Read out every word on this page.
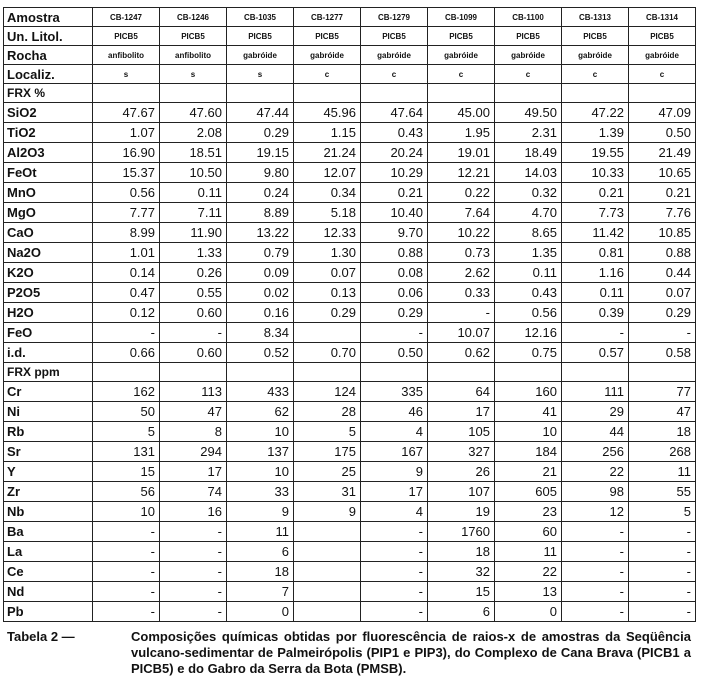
Amostra	CB-1247	CB-1246	CB-1035	CB-1277	CB-1279	CB-1099	CB-1100	CB-1313	CB-1314
Un. Litol.	PICB5	PICB5	PICB5	PICB5	PICB5	PICB5	PICB5	PICB5	PICB5
Rocha	anfibolito	anfibolito	gabróide	gabróide	gabróide	gabróide	gabróide	gabróide	gabróide
Localiz.	s	s	s	c	c	c	c	c	c
FRX %									
SiO2	47.67	47.60	47.44	45.96	47.64	45.00	49.50	47.22	47.09
TiO2	1.07	2.08	0.29	1.15	0.43	1.95	2.31	1.39	0.50
Al2O3	16.90	18.51	19.15	21.24	20.24	19.01	18.49	19.55	21.49
FeOt	15.37	10.50	9.80	12.07	10.29	12.21	14.03	10.33	10.65
MnO	0.56	0.11	0.24	0.34	0.21	0.22	0.32	0.21	0.21
MgO	7.77	7.11	8.89	5.18	10.40	7.64	4.70	7.73	7.76
CaO	8.99	11.90	13.22	12.33	9.70	10.22	8.65	11.42	10.85
Na2O	1.01	1.33	0.79	1.30	0.88	0.73	1.35	0.81	0.88
K2O	0.14	0.26	0.09	0.07	0.08	2.62	0.11	1.16	0.44
P2O5	0.47	0.55	0.02	0.13	0.06	0.33	0.43	0.11	0.07
H2O	0.12	0.60	0.16	0.29	0.29	-	0.56	0.39	0.29
FeO	-	-	8.34		-	10.07	12.16	-	-
i.d.	0.66	0.60	0.52	0.70	0.50	0.62	0.75	0.57	0.58
FRX ppm									
Cr	162	113	433	124	335	64	160	111	77
Ni	50	47	62	28	46	17	41	29	47
Rb	5	8	10	5	4	105	10	44	18
Sr	131	294	137	175	167	327	184	256	268
Y	15	17	10	25	9	26	21	22	11
Zr	56	74	33	31	17	107	605	98	55
Nb	10	16	9	9	4	19	23	12	5
Ba	-	-	11		-	1760	60	-	-
La	-	-	6		-	18	11	-	-
Ce	-	-	18		-	32	22	-	-
Nd	-	-	7		-	15	13	-	-
Pb	-	-	0		-	6	0	-	-
Tabela 2 —	Composições químicas obtidas por fluorescência de raios-x de amostras da Seqüência vulcano-sedimentar de Palmeirópolis (PIP1 e PIP3), do Complexo de Cana Brava (PICB1 a PICB5) e do Gabro da Serra da Bota (PMSB).
